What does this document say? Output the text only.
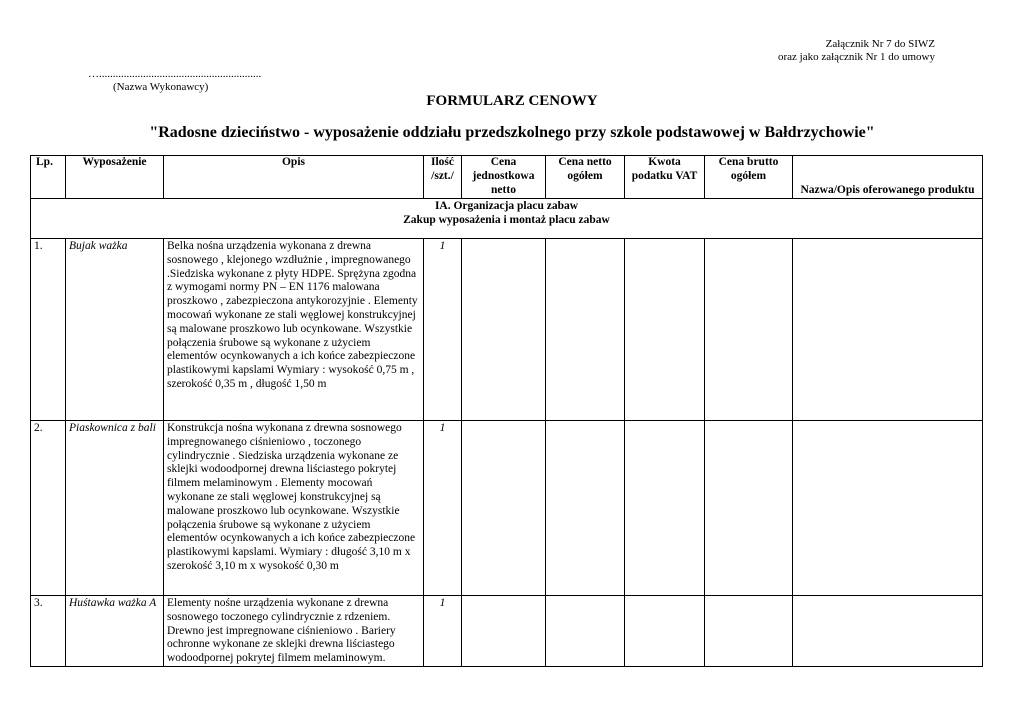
Załącznik Nr 7 do SIWZ
oraz jako załącznik Nr 1 do umowy
…...........................................................
(Nazwa Wykonawcy)
FORMULARZ CENOWY
"Radosne dzieciństwo - wyposażenie oddziału przedszkolnego przy szkole podstawowej w Bałdrzychowie"
Lp.	Wyposażenie	Opis	Ilość /szt./	Cena jednostkowa netto	Cena netto ogółem	Kwota podatku VAT	Cena brutto ogółem	Nazwa/Opis oferowanego produktu

IA. Organizacja placu zabaw
Zakup wyposażenia i montaż placu zabaw								

1.	Bujak ważka	Belka nośna urządzenia wykonana z drewna sosnowego , klejonego wzdłużnie , impregnowanego .Siedziska wykonane z płyty HDPE. Sprężyna zgodna z wymogami normy PN – EN 1176 malowana proszkowo , zabezpieczona antykorozyjnie . Elementy mocowań wykonane ze stali węglowej konstrukcyjnej są malowane proszkowo lub ocynkowane. Wszystkie połączenia śrubowe są wykonane z użyciem elementów ocynkowanych a ich końce zabezpieczone plastikowymi kapslami Wymiary : wysokość 0,75 m , szerokość 0,35 m , długość 1,50 m	1					
2.	Piaskownica z bali	Konstrukcja nośna wykonana z drewna sosnowego impregnowanego ciśnieniowo , toczonego cylindrycznie . Siedziska urządzenia wykonane ze sklejki wodoodpornej drewna liściastego pokrytej filmem melaminowym . Elementy mocowań wykonane ze stali węglowej konstrukcyjnej są malowane proszkowo lub ocynkowane. Wszystkie połączenia śrubowe są wykonane z użyciem elementów ocynkowanych a ich końce zabezpieczone plastikowymi kapslami. Wymiary : długość 3,10 m x szerokość 3,10 m x wysokość 0,30 m	1					
3.	Huśtawka ważka A	Elementy nośne urządzenia wykonane z drewna sosnowego toczonego cylindrycznie z rdzeniem. Drewno jest impregnowane ciśnieniowo . Bariery ochronne wykonane ze sklejki drewna liściastego wodoodpornej pokrytej filmem melaminowym.	1					
